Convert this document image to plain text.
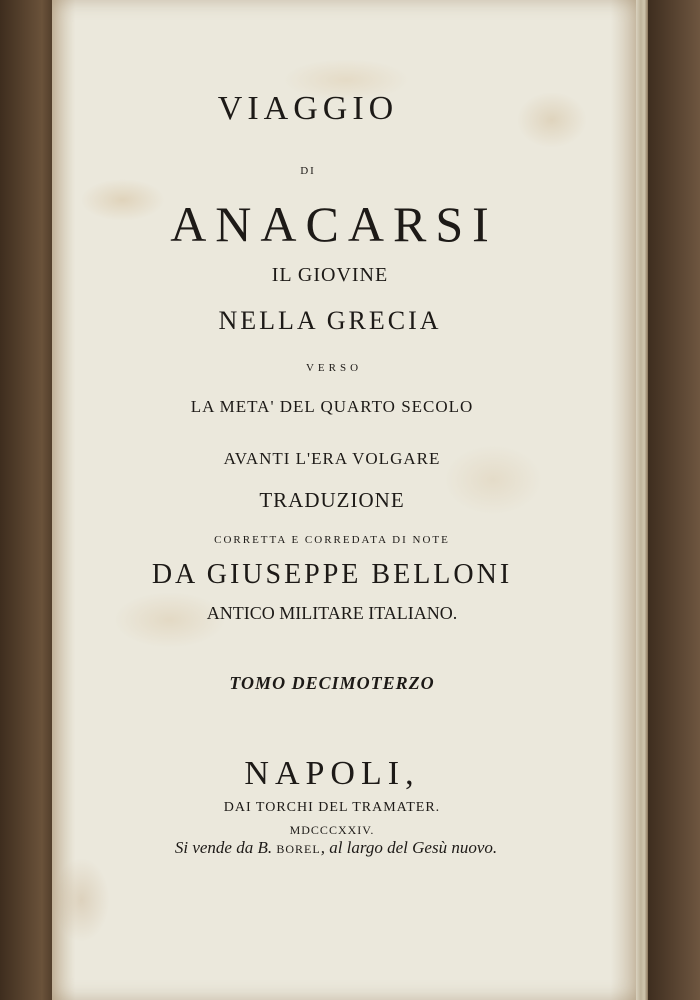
VIAGGIO
DI
ANACARSI
IL GIOVINE
NELLA GRECIA
VERSO
LA META' DEL QUARTO SECOLO
AVANTI L'ERA VOLGARE
TRADUZIONE
CORRETTA E CORREDATA DI NOTE
DA GIUSEPPE BELLONI
ANTICO MILITARE ITALIANO.
TOMO DECIMOTERZO
NAPOLI,
DAI TORCHI DEL TRAMATER.
MDCCCXXIV.
Si vende da B. BOREL, al largo del Gesù nuovo.
